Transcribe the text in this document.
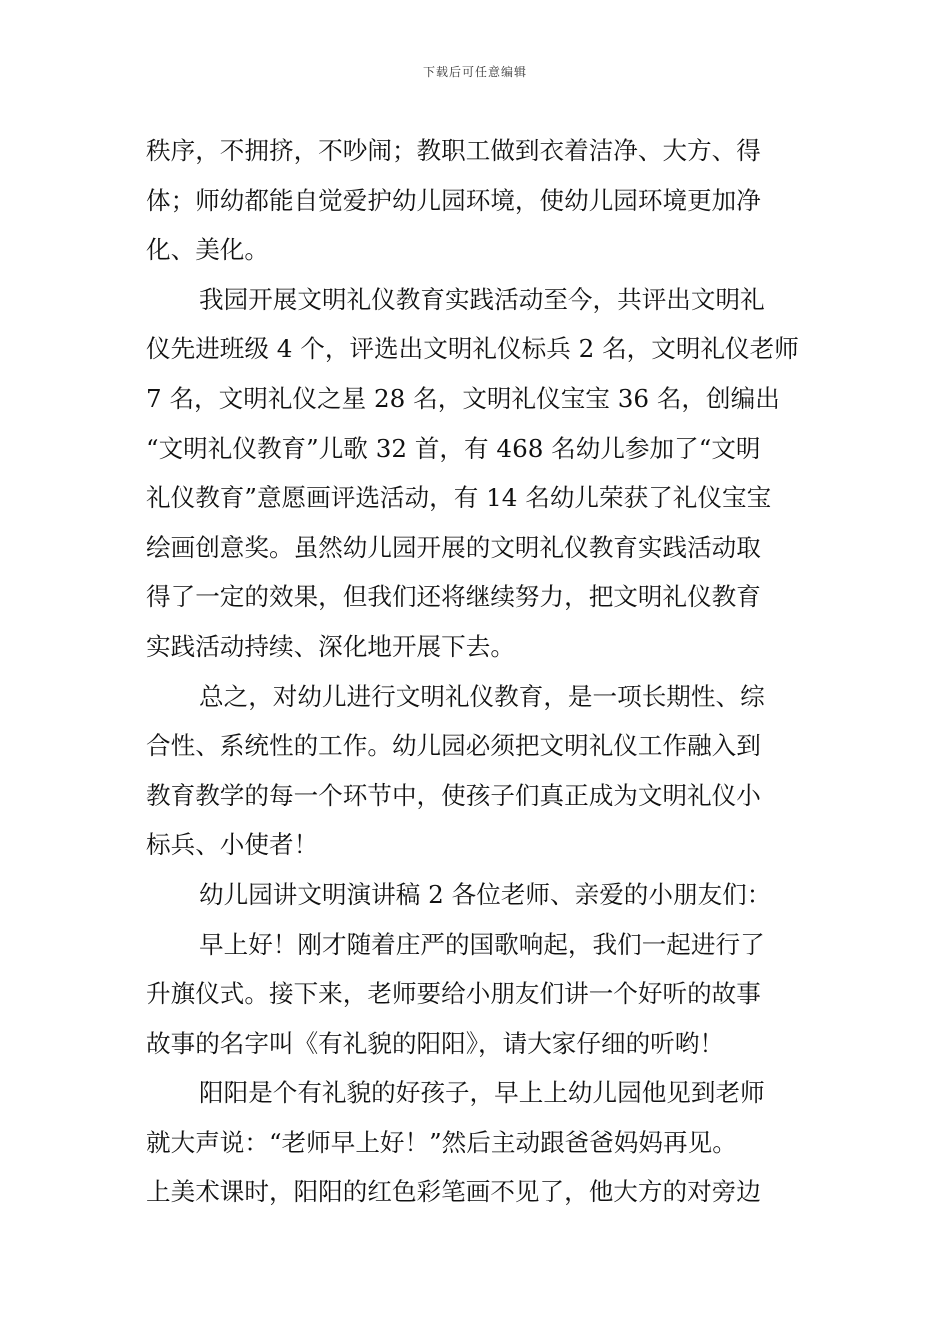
下载后可任意编辑
秩序，不拥挤，不吵闹；教职工做到衣着洁净、大方、得
体；师幼都能自觉爱护幼儿园环境，使幼儿园环境更加净
化、美化。
我园开展文明礼仪教育实践活动至今，共评出文明礼
仪先进班级 4 个，评选出文明礼仪标兵 2 名，文明礼仪老师
7 名，文明礼仪之星 28 名，文明礼仪宝宝 36 名，创编出
“文明礼仪教育”儿歌 32 首，有 468 名幼儿参加了“文明
礼仪教育”意愿画评选活动，有 14 名幼儿荣获了礼仪宝宝
绘画创意奖。虽然幼儿园开展的文明礼仪教育实践活动取
得了一定的效果，但我们还将继续努力，把文明礼仪教育
实践活动持续、深化地开展下去。
总之，对幼儿进行文明礼仪教育，是一项长期性、综
合性、系统性的工作。幼儿园必须把文明礼仪工作融入到
教育教学的每一个环节中，使孩子们真正成为文明礼仪小
标兵、小使者！
幼儿园讲文明演讲稿 2 各位老师、亲爱的小朋友们：
早上好！刚才随着庄严的国歌响起，我们一起进行了
升旗仪式。接下来，老师要给小朋友们讲一个好听的故事
故事的名字叫《有礼貌的阳阳》，请大家仔细的听哟！
阳阳是个有礼貌的好孩子，早上上幼儿园他见到老师
就大声说：“老师早上好！”然后主动跟爸爸妈妈再见。
上美术课时，阳阳的红色彩笔画不见了，他大方的对旁边
